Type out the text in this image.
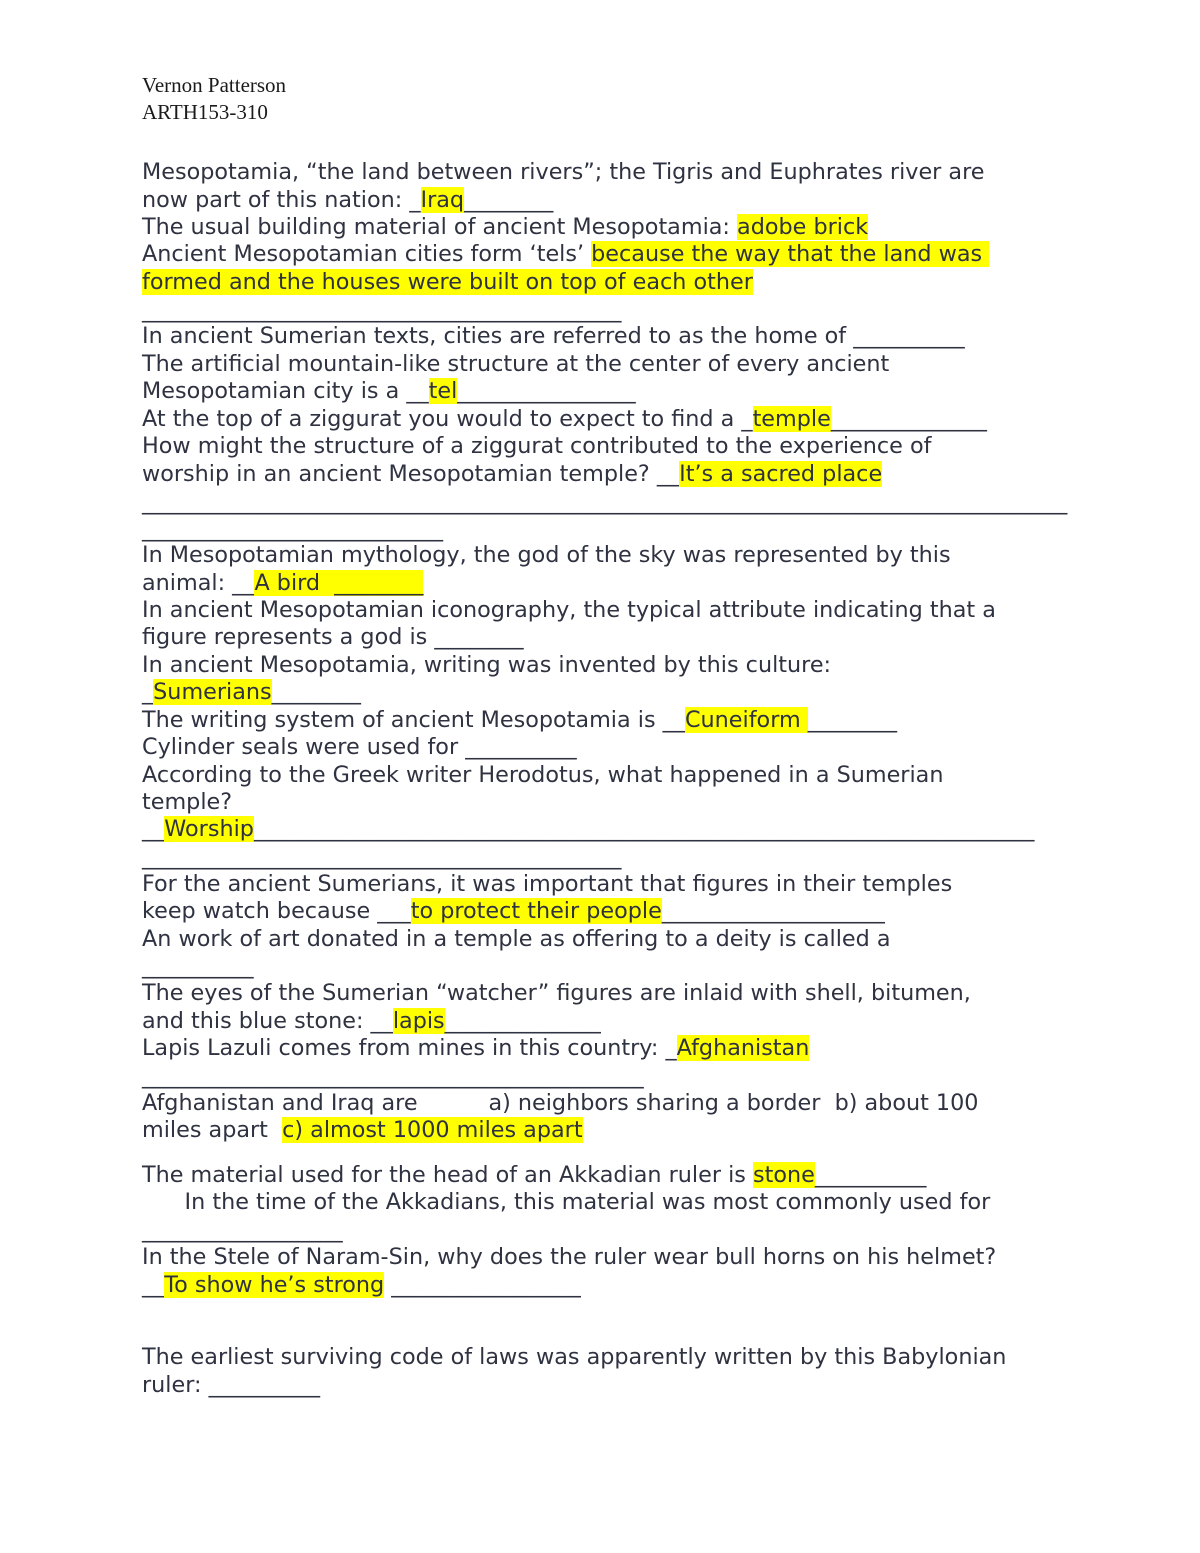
Vernon Patterson
ARTH153-310
Mesopotamia, “the land between rivers”; the Tigris and Euphrates river are
now part of this nation: _Iraq________
The usual building material of ancient Mesopotamia: adobe brick
Ancient Mesopotamian cities form ‘tels’ because the way that the land was
formed and the houses were built on top of each other
___________________________________________
In ancient Sumerian texts, cities are referred to as the home of __________
The artificial mountain-like structure at the center of every ancient
Mesopotamian city is a __tel________________
At the top of a ziggurat you would to expect to find a _temple______________
How might the structure of a ziggurat contributed to the experience of
worship in an ancient Mesopotamian temple? __It’s a sacred place
___________________________________________________________________________________
___________________________
In Mesopotamian mythology, the god of the sky was represented by this
animal: __A bird  ________
In ancient Mesopotamian iconography, the typical attribute indicating that a
figure represents a god is ________
In ancient Mesopotamia, writing was invented by this culture:
_Sumerians________
The writing system of ancient Mesopotamia is __Cuneiform ________
Cylinder seals were used for __________
According to the Greek writer Herodotus, what happened in a Sumerian
temple?
__Worship______________________________________________________________________
___________________________________________
For the ancient Sumerians, it was important that figures in their temples
keep watch because ___to protect their people____________________
An work of art donated in a temple as offering to a deity is called a
__________
The eyes of the Sumerian “watcher” figures are inlaid with shell, bitumen,
and this blue stone: __lapis______________
Lapis Lazuli comes from mines in this country: _Afghanistan
_____________________________________________
Afghanistan and Iraq are          a) neighbors sharing a border  b) about 100
miles apart  c) almost 1000 miles apart
The material used for the head of an Akkadian ruler is stone__________
In the time of the Akkadians, this material was most commonly used for
__________________
In the Stele of Naram-Sin, why does the ruler wear bull horns on his helmet?
__To show he’s strong _________________
The earliest surviving code of laws was apparently written by this Babylonian
ruler: __________
